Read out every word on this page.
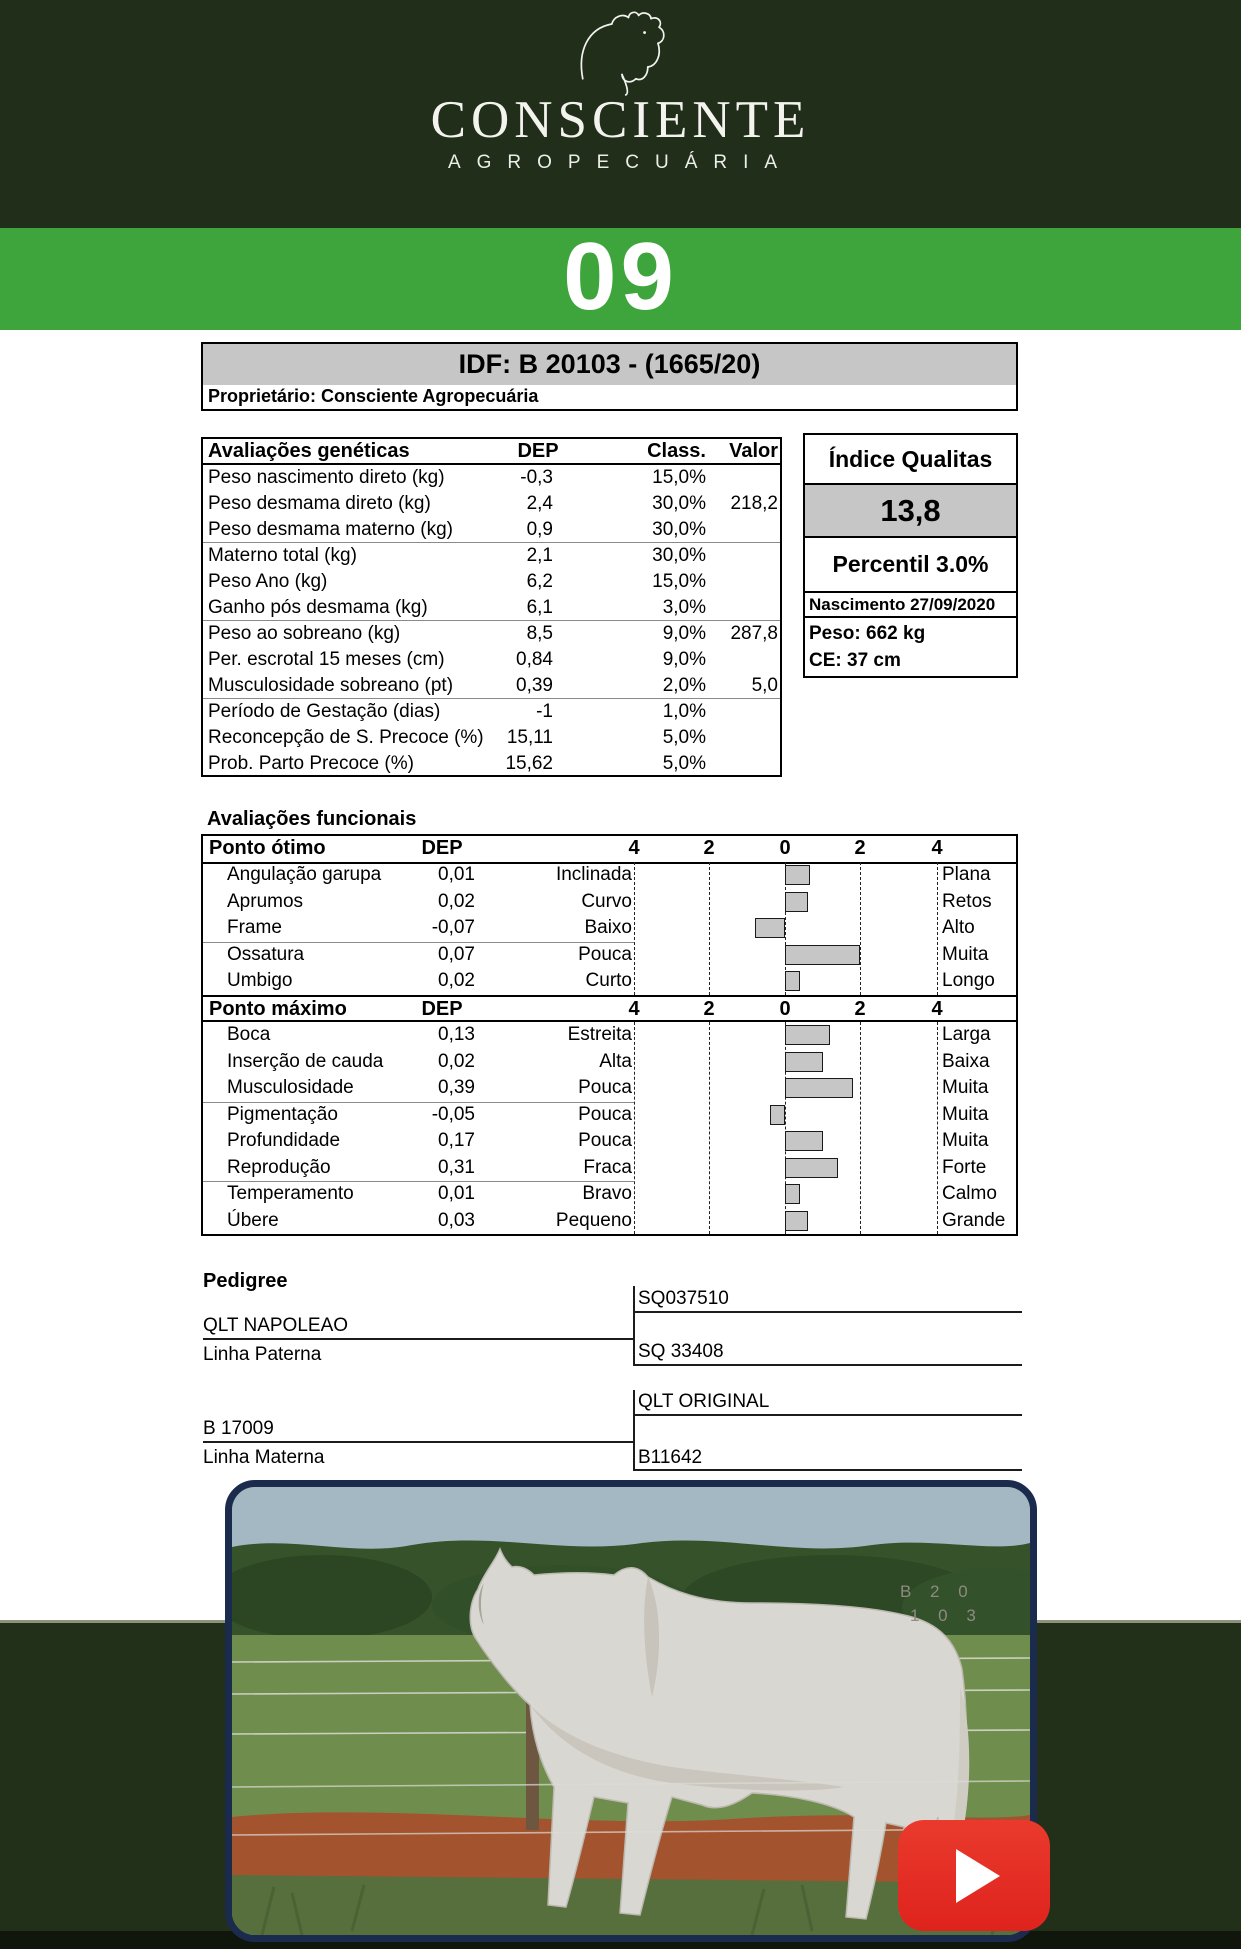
CONSCIENTE
AGROPECUÁRIA
09
IDF: B 20103 - (1665/20)
Proprietário: Consciente Agropecuária
Avaliações genéticas	DEP	Class.	Valor
Peso nascimento direto (kg)	-0,3	15,0%
Peso desmama direto (kg)	2,4	30,0%	218,2
Peso desmama materno (kg)	0,9	30,0%
Materno total (kg)	2,1	30,0%
Peso Ano (kg)	6,2	15,0%
Ganho pós desmama (kg)	6,1	3,0%
Peso ao sobreano (kg)	8,5	9,0%	287,8
Per. escrotal 15 meses (cm)	0,84	9,0%
Musculosidade sobreano (pt)	0,39	2,0%	5,0
Período de Gestação (dias)	-1	1,0%
Reconcepção de S. Precoce (%)	15,11	5,0%
Prob. Parto Precoce (%)	15,62	5,0%
Índice Qualitas
13,8
Percentil 3.0%
Nascimento 27/09/2020
Peso: 662 kg
CE: 37 cm
Avaliações funcionais
Ponto ótimo	DEP	4	2	0	2	4
Angulação garupa	0,01	Inclinada	Plana
Aprumos	0,02	Curvo	Retos
Frame	-0,07	Baixo	Alto
Ossatura	0,07	Pouca	Muita
Umbigo	0,02	Curto	Longo
Ponto máximo	DEP	4	2	0	2	4
Boca	0,13	Estreita	Larga
Inserção de cauda	0,02	Alta	Baixa
Musculosidade	0,39	Pouca	Muita
Pigmentação	-0,05	Pouca	Muita
Profundidade	0,17	Pouca	Muita
Reprodução	0,31	Fraca	Forte
Temperamento	0,01	Bravo	Calmo
Úbere	0,03	Pequeno	Grande
Pedigree
SQ037510
QLT NAPOLEAO
Linha Paterna	SQ 33408
QLT ORIGINAL
B 17009
Linha Materna	B11642
B 2 0
1 0 3
